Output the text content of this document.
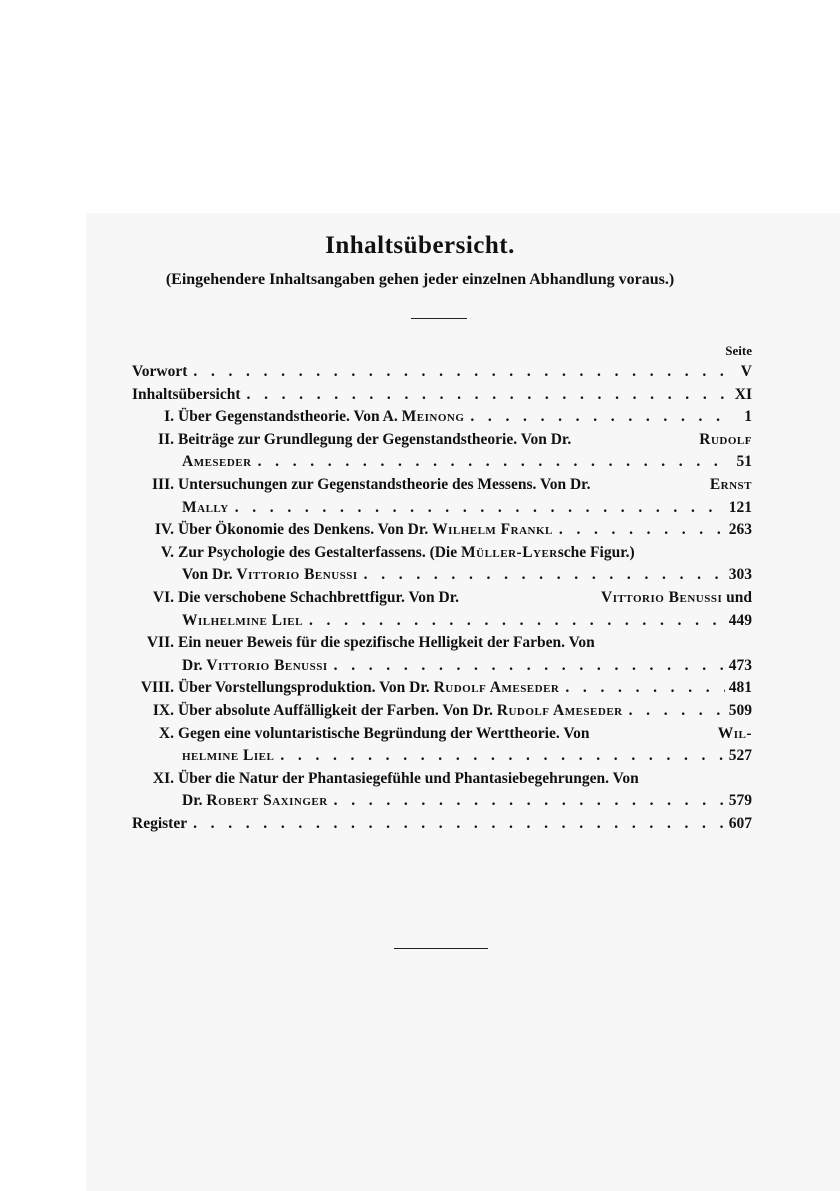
Inhaltsübersicht.
(Eingehendere Inhaltsangaben gehen jeder einzelnen Abhandlung voraus.)
Seite
Vorwort . . .	V
Inhaltsübersicht . . .	XI
I. Über Gegenstandstheorie. Von A. Meinong . . .	1
II. Beiträge zur Grundlegung der Gegenstandstheorie. Von Dr.	Rudolf
Ameseder . . .	51
III. Untersuchungen zur Gegenstandstheorie des Messens. Von Dr.	Ernst
Mally . . .	121
IV. Über Ökonomie des Denkens. Von Dr. Wilhelm Frankl . . .	263
V. Zur Psychologie des Gestalterfassens. (Die Müller-Lyersche Figur.)
Von Dr. Vittorio Benussi . . .	303
VI. Die verschobene Schachbrettfigur. Von Dr.	Vittorio Benussi und
Wilhelmine Liel . . .	449
VII. Ein neuer Beweis für die spezifische Helligkeit der Farben. Von
Dr. Vittorio Benussi . . .	473
VIII. Über Vorstellungsproduktion. Von Dr. Rudolf Ameseder . . .	481
IX. Über absolute Auffälligkeit der Farben. Von Dr. Rudolf Ameseder . . .	509
X. Gegen eine voluntaristische Begründung der Werttheorie. Von	Wil-
helmine Liel . . .	527
XI. Über die Natur der Phantasiegefühle und Phantasiebegehrungen. Von
Dr. Robert Saxinger . . .	579
Register . . .	607
